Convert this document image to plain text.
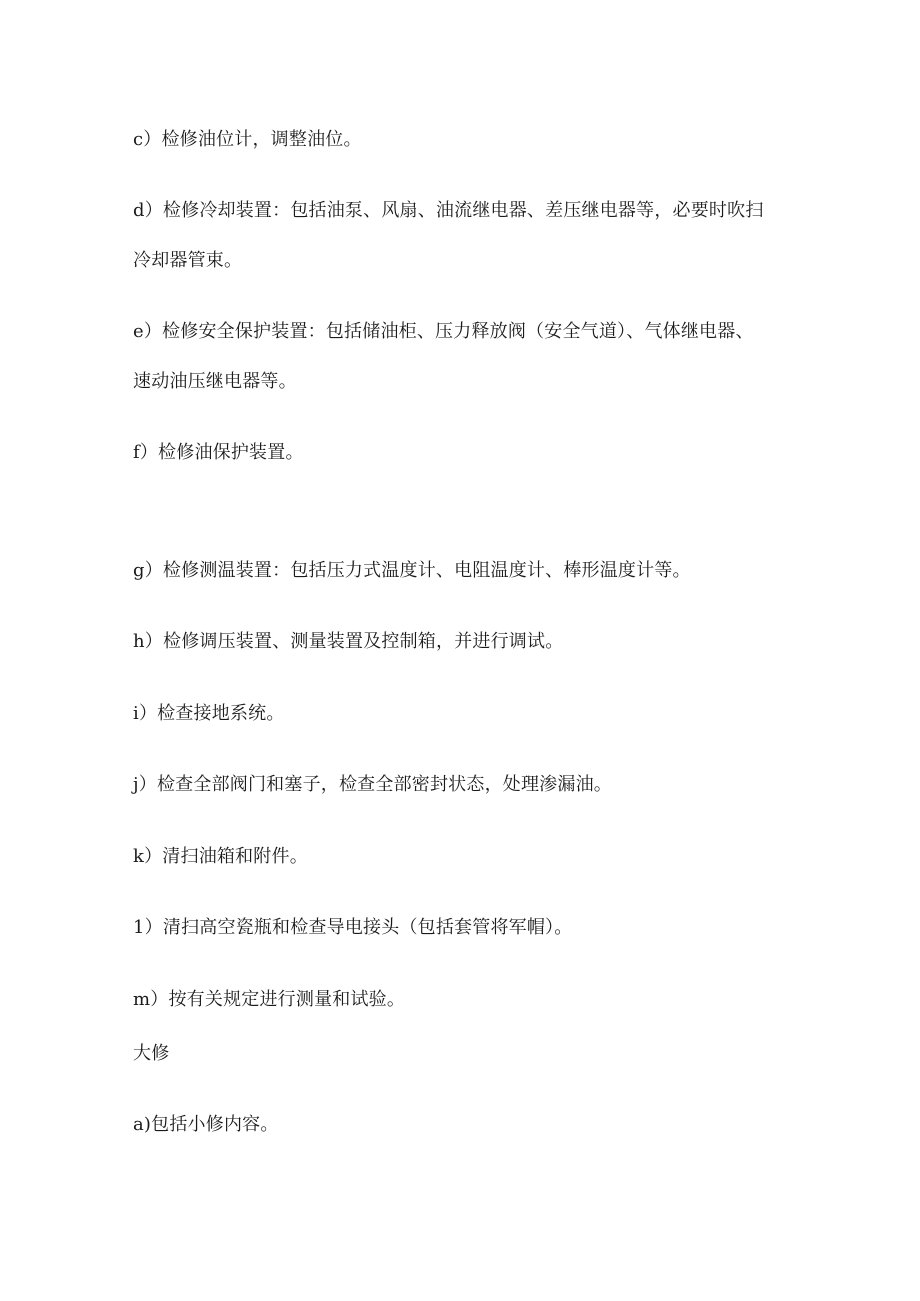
c）检修油位计，调整油位。
d）检修冷却装置：包括油泵、风扇、油流继电器、差压继电器等，必要时吹扫
冷却器管束。
e）检修安全保护装置：包括储油柜、压力释放阀（安全气道）、气体继电器、
速动油压继电器等。
f）检修油保护装置。
g）检修测温装置：包括压力式温度计、电阻温度计、棒形温度计等。
h）检修调压装置、测量装置及控制箱，并进行调试。
i）检查接地系统。
j）检查全部阀门和塞子，检查全部密封状态，处理渗漏油。
k）清扫油箱和附件。
1）清扫高空瓷瓶和检查导电接头（包括套管将军帽）。
m）按有关规定进行测量和试验。
大修
a)包括小修内容。
